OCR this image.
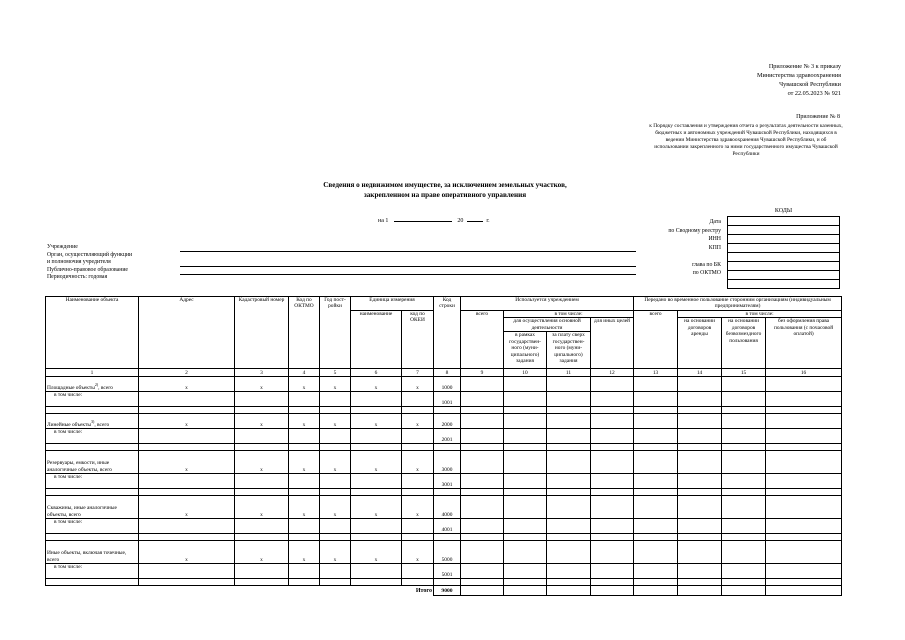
Приложение № 3 к приказу
Министерства здравоохранения
Чувашской Республики
от 22.05.2023 № 921
Приложение № 8
к Порядку составления и утверждения отчета о результатах деятельности казенных, бюджетных и автономных учреждений Чувашской Республики, находящихся в ведении Министерства здравоохранения Чувашской Республики, и об использовании закрепленного за ними государственного имущества Чувашской Республики
Сведения о недвижимом имуществе, за исключением земельных участков,
закрепленном на праве оперативного управления
на 1	20	г.	Дата
по Сводному реестру
ИНН
КПП
глава по БК
по ОКТМО
КОДЫ

Учреждение
Орган, осуществляющий функции
и полномочия учредителя
Публично-правовое образование
Периодичность: годовая
Наименование объекта	Адрес	Кадастровый номер	Код по ОКТМО	Год пост-ройки	Единица измерения		Код строки	Используется учреждением				Передано во временное пользование сторонним организациям (индивидуальным предпринимателям)			
					наименование	код по ОКЕИ		всего	в том числе:			всего	в том числе:		
									для осуществления основной деятельности		для иных целей		на основании договоров аренды	на основании договоров безвозмездного пользования	без оформления права пользования (с почасовой оплатой)
									в рамках государствен-ного (муни-ципального) задания	за плату сверх государствен-ного (муни-ципального) задания					
1	2	3	4	5	6	7	8	9	10	11	12	13	14	15	16
Площадные объекты$^{2)}$, всего	х	х	х	х	х	х	1000								
в том числе:							1001								

Линейные объекты$^{3)}$, всего	х	х	х	х	х	х	2000								
в том числе:							2001								

Резервуары, емкости, иные аналогичные объекты, всего	х	х	х	х	х	х	3000								
в том числе:							3001								

Скважины, иные аналогичные объекты, всего	х	х	х	х	х	х	4000								
в том числе:							4001								

Иные объекты, включая точечные, всего	х	х	х	х	х	х	5000								
в том числе:							5001								

						Итого	9000								
